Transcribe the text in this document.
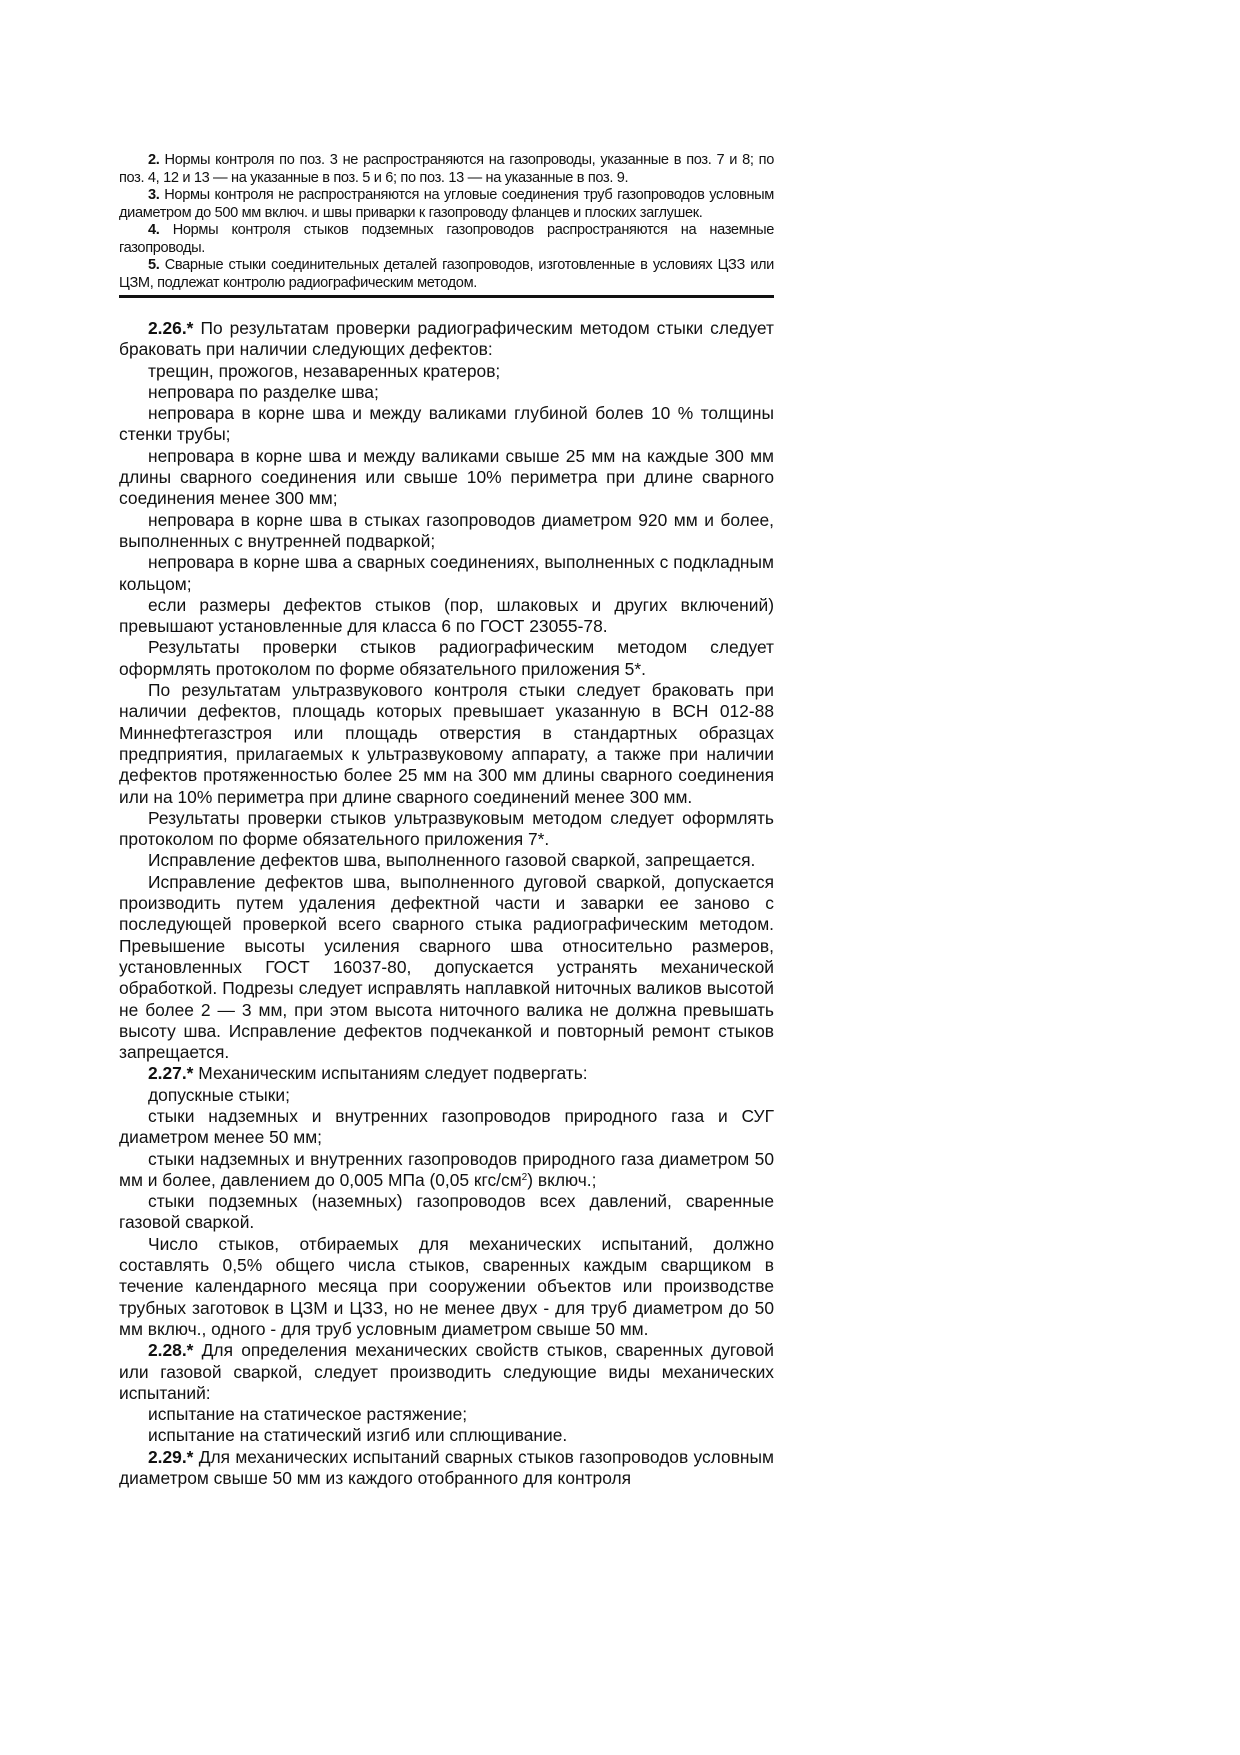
2. Нормы контроля по поз. 3 не распространяются на газопроводы, указанные в поз. 7 и 8; по поз. 4, 12 и 13 — на указанные в поз. 5 и 6; по поз. 13 — на указанные в поз. 9.

3. Нормы контроля не распространяются на угловые соединения труб газопроводов условным диаметром до 500 мм включ. и швы приварки к газопроводу фланцев и плоских заглушек.

4. Нормы контроля стыков подземных газопроводов распространяются на наземные газопроводы.

5. Сварные стыки соединительных деталей газопроводов, изготовленные в условиях ЦЗЗ или ЦЗМ, подлежат контролю радиографическим методом.

2.26.* По результатам проверки радиографическим методом стыки следует браковать при наличии следующих дефектов:

трещин, прожогов, незаваренных кратеров;

непровара по разделке шва;

непровара в корне шва и между валиками глубиной болев 10 % толщины стенки трубы;

непровара в корне шва и между валиками свыше 25 мм на каждые 300 мм длины сварного соединения или свыше 10% периметра при длине сварного соединения менее 300 мм;

непровара в корне шва в стыках газопроводов диаметром 920 мм и более, выполненных с внутренней подваркой;

непровара в корне шва а сварных соединениях, выполненных с подкладным кольцом;

если размеры дефектов стыков (пор, шлаковых и других включений) превышают установленные для класса 6 по ГОСТ 23055-78.

Результаты проверки стыков радиографическим методом следует оформлять протоколом по форме обязательного приложения 5*.

По результатам ультразвукового контроля стыки следует браковать при наличии дефектов, площадь которых превышает указанную в ВСН 012-88 Миннефтегазстроя или площадь отверстия в стандартных образцах предприятия, прилагаемых к ультразвуковому аппарату, а также при наличии дефектов протяженностью более 25 мм на 300 мм длины сварного соединения или на 10% периметра при длине сварного соединений менее 300 мм.

Результаты проверки стыков ультразвуковым методом следует оформлять протоколом по форме обязательного приложения 7*.

Исправление дефектов шва, выполненного газовой сваркой, запрещается.

Исправление дефектов шва, выполненного дуговой сваркой, допускается производить путем удаления дефектной части и заварки ее заново с последующей проверкой всего сварного стыка радиографическим методом. Превышение высоты усиления сварного шва относительно размеров, установленных ГОСТ 16037-80, допускается устранять механической обработкой. Подрезы следует исправлять наплавкой ниточных валиков высотой не более 2 — 3 мм, при этом высота ниточного валика не должна превышать высоту шва. Исправление дефектов подчеканкой и повторный ремонт стыков запрещается.

2.27.* Механическим испытаниям следует подвергать:

допускные стыки;

стыки надземных и внутренних газопроводов природного газа и СУГ диаметром менее 50 мм;

стыки надземных и внутренних газопроводов природного газа диаметром 50 мм и более, давлением до 0,005 МПа (0,05 кгс/$см^2$) включ.;

стыки подземных (наземных) газопроводов всех давлений, сваренные газовой сваркой.

Число стыков, отбираемых для механических испытаний, должно составлять 0,5% общего числа стыков, сваренных каждым сварщиком в течение календарного месяца при сооружении объектов или производстве трубных заготовок в ЦЗМ и ЦЗЗ, но не менее двух - для труб диаметром до 50 мм включ., одного - для труб условным диаметром свыше 50 мм.

2.28.* Для определения механических свойств стыков, сваренных дуговой или газовой сваркой, следует производить следующие виды механических испытаний:

испытание на статическое растяжение;

испытание на статический изгиб или сплющивание.

2.29.* Для механических испытаний сварных стыков газопроводов условным диаметром свыше 50 мм из каждого отобранного для контроля
